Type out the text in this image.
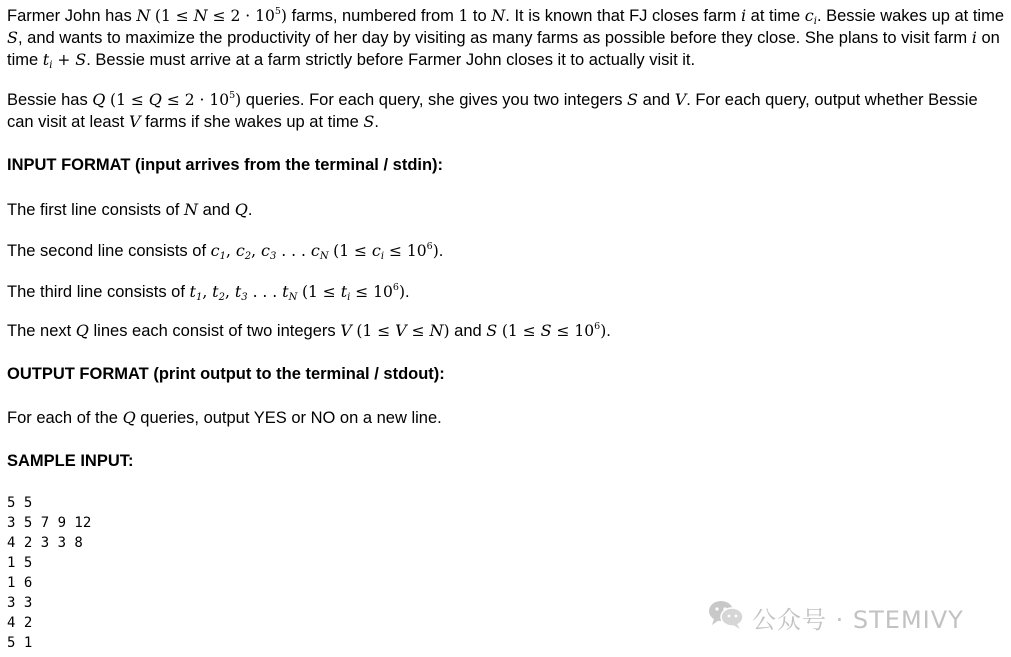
Farmer John has N $(1 \le N \le 2 \cdot 10^5)$ farms, numbered from 1 to N. It is known that FJ closes farm i at time $c_i$. Bessie wakes up at time S, and wants to maximize the productivity of her day by visiting as many farms as possible before they close. She plans to visit farm i on time $t_i + S$. Bessie must arrive at a farm strictly before Farmer John closes it to actually visit it.

Bessie has Q $(1 \le Q \le 2 \cdot 10^5)$ queries. For each query, she gives you two integers S and V. For each query, output whether Bessie can visit at least V farms if she wakes up at time S.

INPUT FORMAT (input arrives from the terminal / stdin):

The first line consists of N and Q.

The second line consists of $c_1$, $c_2$, $c_3$ . . . $c_N$ $(1 \le c_i \le 10^6)$.

The third line consists of $t_1$, $t_2$, $t_3$ . . . $t_N$ $(1 \le t_i \le 10^6)$.

The next Q lines each consist of two integers V (1 ≤ V ≤ N) and S $(1 \le S \le 10^6)$.

OUTPUT FORMAT (print output to the terminal / stdout):

For each of the Q queries, output YES or NO on a new line.

SAMPLE INPUT:

5 5
3 5 7 9 12
4 2 3 3 8
1 5
1 6
3 3
4 2
5 1
公众号 · STEMIVY
